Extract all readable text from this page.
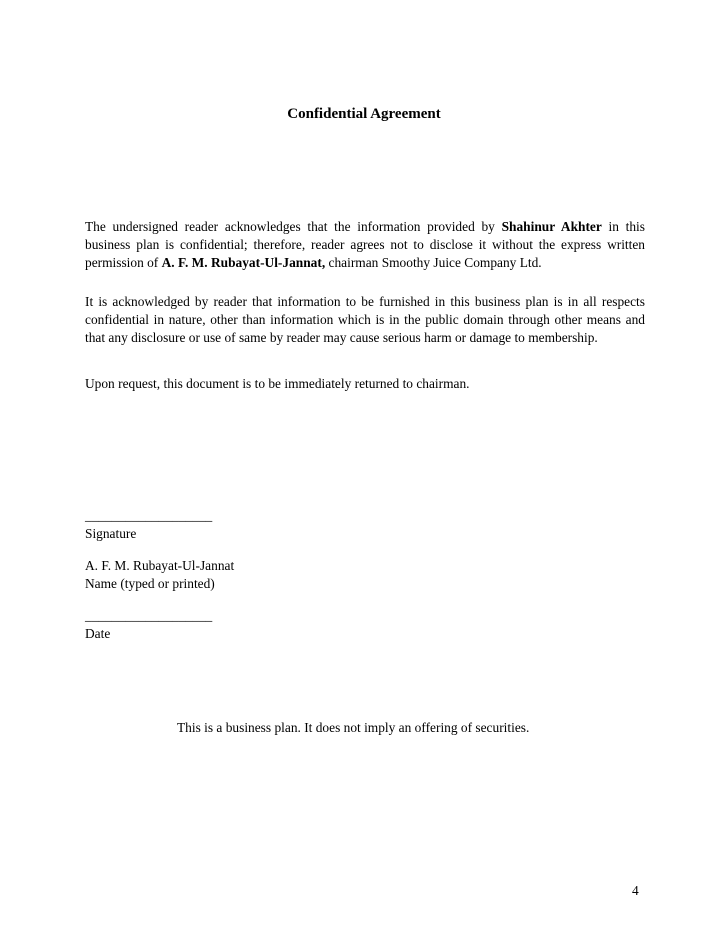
Confidential Agreement

The undersigned reader acknowledges that the information provided by Shahinur Akhter in this business plan is confidential; therefore, reader agrees not to disclose it without the express written permission of A. F. M. Rubayat-Ul-Jannat, chairman Smoothy Juice Company Ltd.

It is acknowledged by reader that information to be furnished in this business plan is in all respects confidential in nature, other than information which is in the public domain through other means and that any disclosure or use of same by reader may cause serious harm or damage to membership.

Upon request, this document is to be immediately returned to chairman.

___________________
Signature
A. F. M. Rubayat-Ul-Jannat
Name (typed or printed)
___________________
Date

This is a business plan. It does not imply an offering of securities.

4
